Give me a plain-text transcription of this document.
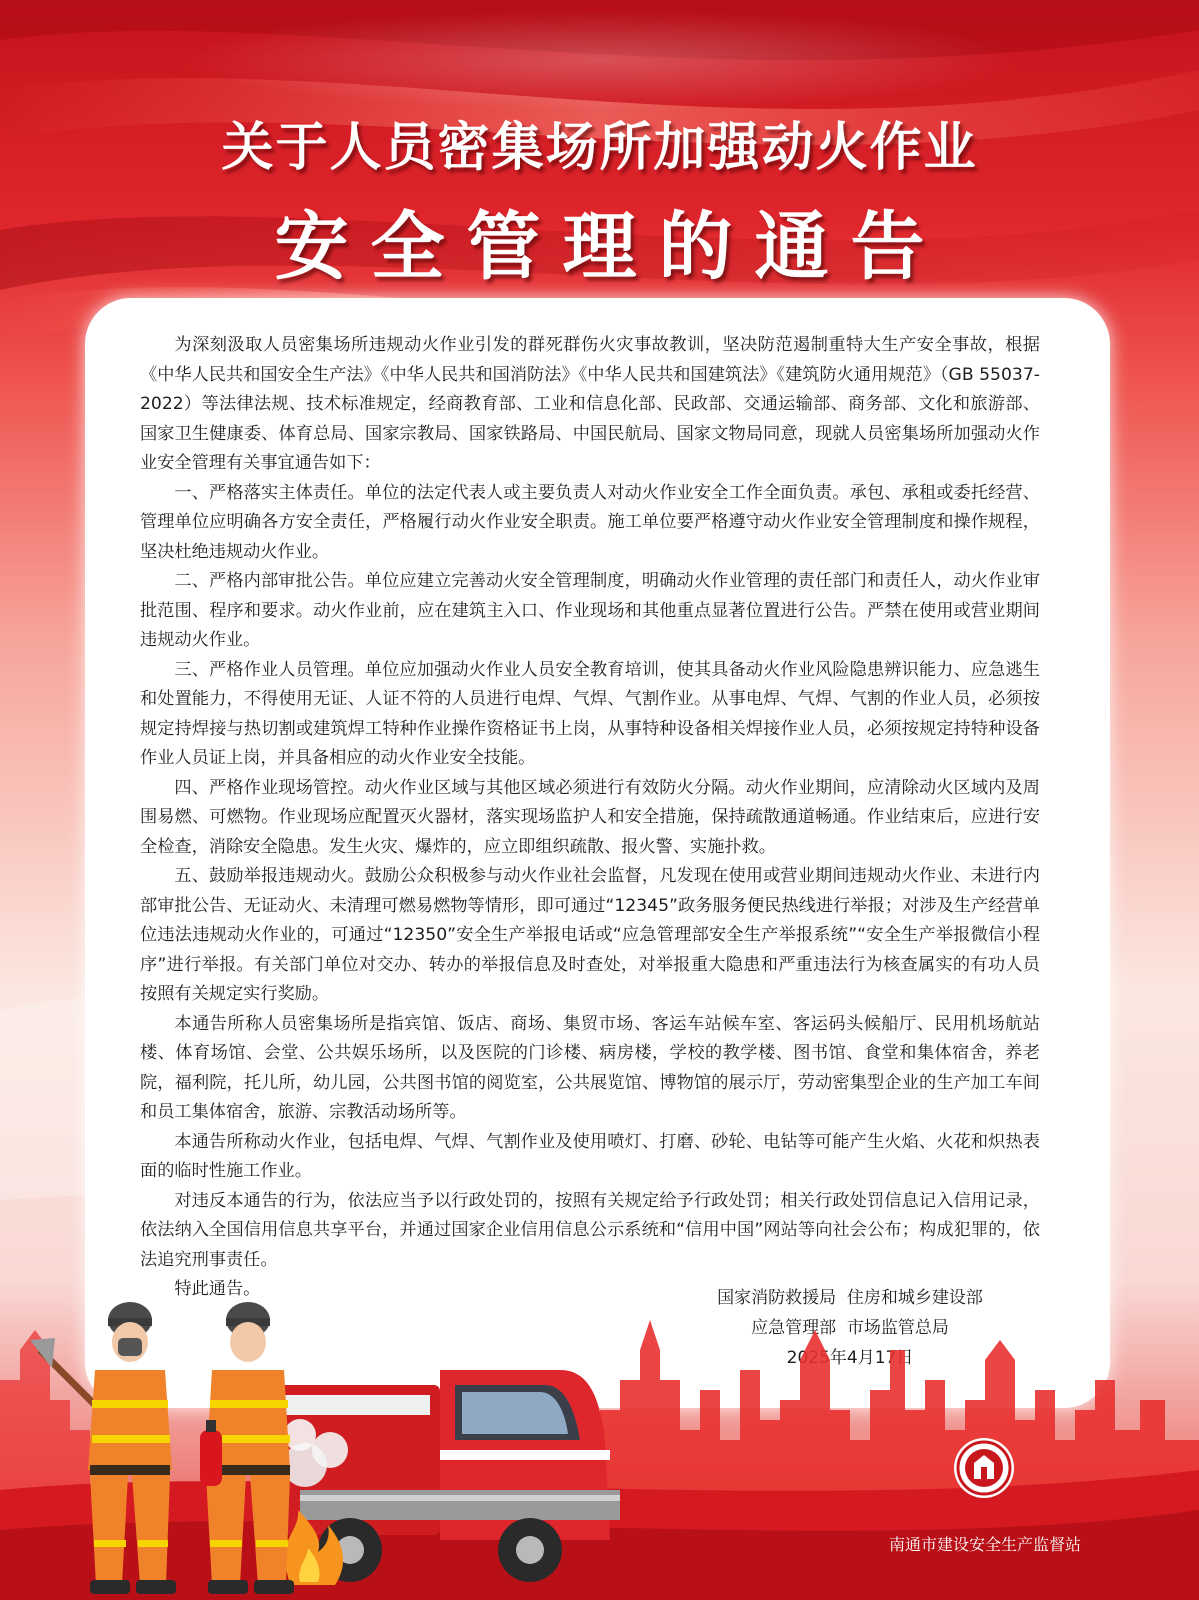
关于人员密集场所加强动火作业
安全管理的通告

为深刻汲取人员密集场所违规动火作业引发的群死群伤火灾事故教训，坚决防范遏制重特大生产安全事故，根据《中华人民共和国安全生产法》《中华人民共和国消防法》《中华人民共和国建筑法》《建筑防火通用规范》（GB 55037-2022）等法律法规、技术标准规定，经商教育部、工业和信息化部、民政部、交通运输部、商务部、文化和旅游部、国家卫生健康委、体育总局、国家宗教局、国家铁路局、中国民航局、国家文物局同意，现就人员密集场所加强动火作业安全管理有关事宜通告如下：

一、严格落实主体责任。单位的法定代表人或主要负责人对动火作业安全工作全面负责。承包、承租或委托经营、管理单位应明确各方安全责任，严格履行动火作业安全职责。施工单位要严格遵守动火作业安全管理制度和操作规程，坚决杜绝违规动火作业。

二、严格内部审批公告。单位应建立完善动火安全管理制度，明确动火作业管理的责任部门和责任人，动火作业审批范围、程序和要求。动火作业前，应在建筑主入口、作业现场和其他重点显著位置进行公告。严禁在使用或营业期间违规动火作业。

三、严格作业人员管理。单位应加强动火作业人员安全教育培训，使其具备动火作业风险隐患辨识能力、应急逃生和处置能力，不得使用无证、人证不符的人员进行电焊、气焊、气割作业。从事电焊、气焊、气割的作业人员，必须按规定持焊接与热切割或建筑焊工特种作业操作资格证书上岗，从事特种设备相关焊接作业人员，必须按规定持特种设备作业人员证上岗，并具备相应的动火作业安全技能。

四、严格作业现场管控。动火作业区域与其他区域必须进行有效防火分隔。动火作业期间，应清除动火区域内及周围易燃、可燃物。作业现场应配置灭火器材，落实现场监护人和安全措施，保持疏散通道畅通。作业结束后，应进行安全检查，消除安全隐患。发生火灾、爆炸的，应立即组织疏散、报火警、实施扑救。

五、鼓励举报违规动火。鼓励公众积极参与动火作业社会监督，凡发现在使用或营业期间违规动火作业、未进行内部审批公告、无证动火、未清理可燃易燃物等情形，即可通过“12345”政务服务便民热线进行举报；对涉及生产经营单位违法违规动火作业的，可通过“12350”安全生产举报电话或“应急管理部安全生产举报系统”“安全生产举报微信小程序”进行举报。有关部门单位对交办、转办的举报信息及时查处，对举报重大隐患和严重违法行为核查属实的有功人员按照有关规定实行奖励。

本通告所称人员密集场所是指宾馆、饭店、商场、集贸市场、客运车站候车室、客运码头候船厅、民用机场航站楼、体育场馆、会堂、公共娱乐场所，以及医院的门诊楼、病房楼，学校的教学楼、图书馆、食堂和集体宿舍，养老院，福利院，托儿所，幼儿园，公共图书馆的阅览室，公共展览馆、博物馆的展示厅，劳动密集型企业的生产加工车间和员工集体宿舍，旅游、宗教活动场所等。

本通告所称动火作业，包括电焊、气焊、气割作业及使用喷灯、打磨、砂轮、电钻等可能产生火焰、火花和炽热表面的临时性施工作业。

对违反本通告的行为，依法应当予以行政处罚的，按照有关规定给予行政处罚；相关行政处罚信息记入信用记录，依法纳入全国信用信息共享平台，并通过国家企业信用信息公示系统和“信用中国”网站等向社会公布；构成犯罪的，依法追究刑事责任。

特此通告。	国家消防救援局  住房和城乡建设部
应急管理部  市场监管总局
2025年4月17日
南通市建设安全生产监督站
